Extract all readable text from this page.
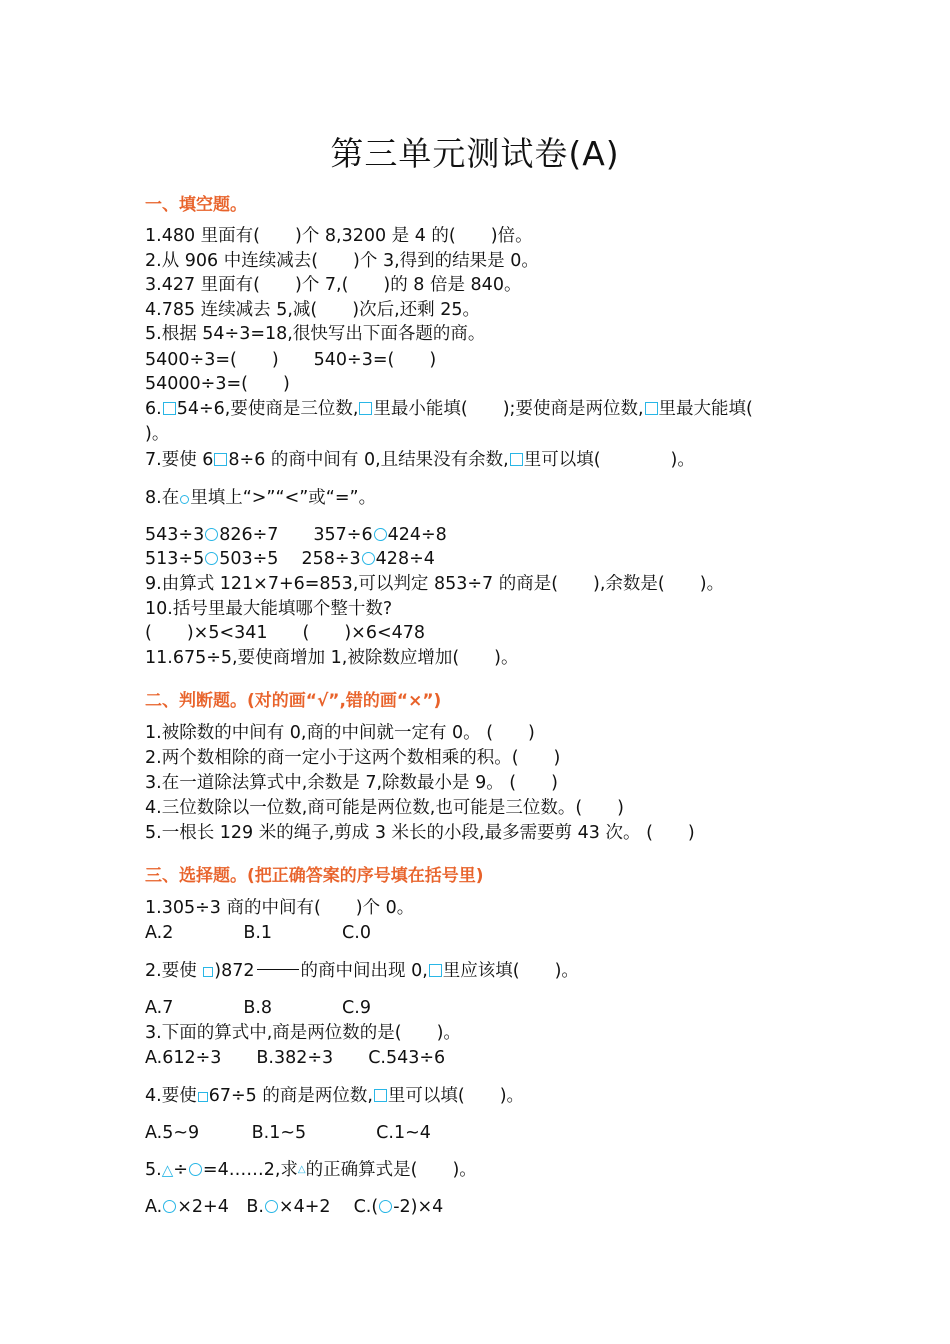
第三单元测试卷(A)
一、填空题。
1.480 里面有(　　)个 8,3200 是 4 的(　　)倍。
2.从 906 中连续减去(　　)个 3,得到的结果是 0。
3.427 里面有(　　)个 7,(　　)的 8 倍是 840。
4.785 连续减去 5,减(　　)次后,还剩 25。
5.根据 54÷3=18,很快写出下面各题的商。
5400÷3=(　　)　　540÷3=(　　)
54000÷3=(　　)
6. 54÷6,要使商是三位数, 里最小能填(　　);要使商是两位数, 里最大能填(
)。
7.要使 6 8÷6 的商中间有 0,且结果没有余数, 里可以填(　　　　)。
8.在 里填上“>”“<”或“=”。
543÷3 826÷7　　357÷6 424÷8
513÷5 503÷5　 258÷3 428÷4
9.由算式 121×7+6=853,可以判定 853÷7 的商是(　　),余数是(　　)。
10.括号里最大能填哪个整十数?
(　　)×5<341　　(　　)×6<478
11.675÷5,要使商增加 1,被除数应增加(　　)。
二、判断题。(对的画“√”,错的画“×”)
1.被除数的中间有 0,商的中间就一定有 0。 (　　)
2.两个数相除的商一定小于这两个数相乘的积。(　　)
3.在一道除法算式中,余数是 7,除数最小是 9。 (　　)
4.三位数除以一位数,商可能是两位数,也可能是三位数。(　　)
5.一根长 129 米的绳子,剪成 3 米长的小段,最多需要剪 43 次。 (　　)
三、选择题。(把正确答案的序号填在括号里)
1.305÷3 商的中间有(　　)个 0。
A.2　　　　B.1　　　　C.0
2.要使 )872	的商中间出现 0, 里应该填(　　)。
A.7　　　　B.8　　　　C.9
3.下面的算式中,商是两位数的是(　　)。
A.612÷3　　B.382÷3　　C.543÷6
4.要使 67÷5 的商是两位数, 里可以填(　　)。
A.5~9　　　B.1~5　　　　C.1~4
5.△÷ =4……2,求△的正确算式是(　　)。
A. ×2+4　B. ×4+2　 C.( -2)×4
